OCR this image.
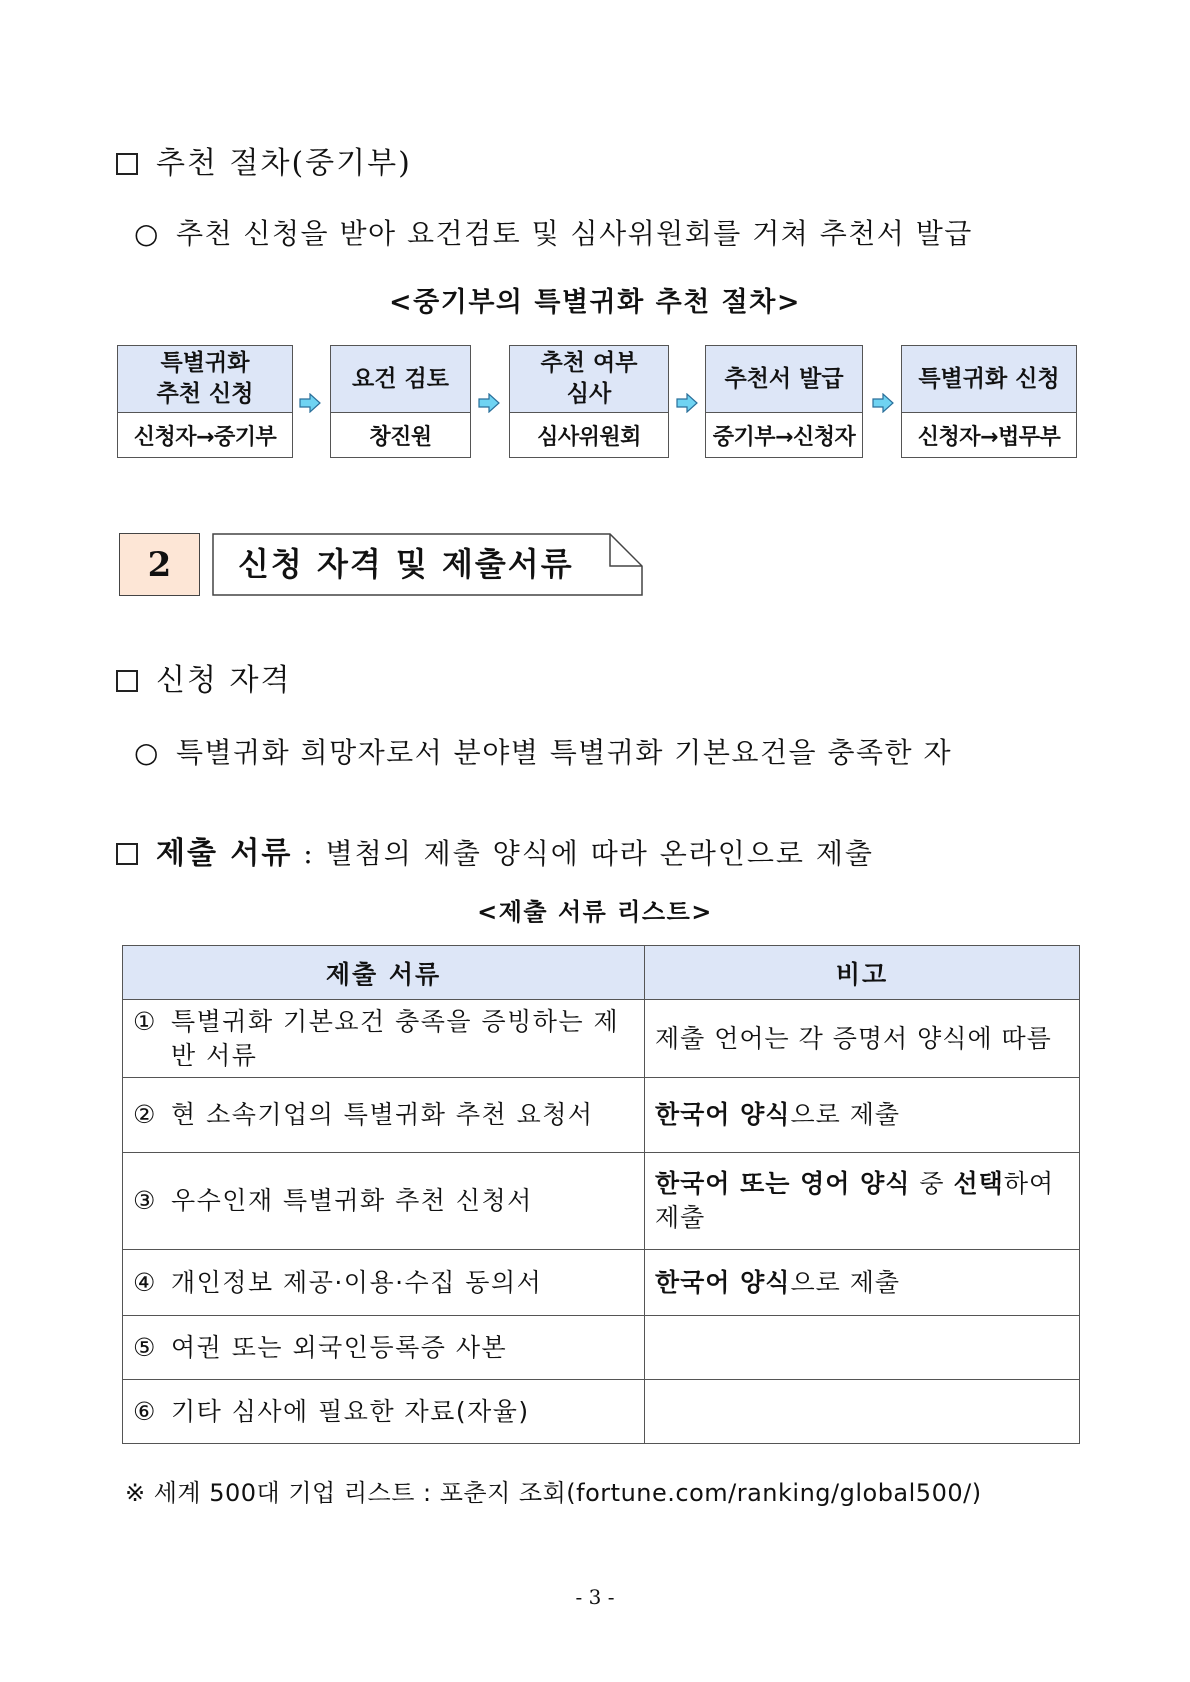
추천 절차(중기부)
○ 추천 신청을 받아 요건검토 및 심사위원회를 거쳐 추천서 발급
<중기부의 특별귀화 추천 절차>
특별귀화
추천 신청
신청자→중기부
요건 검토
창진원
추천 여부
심사
심사위원회
추천서 발급
중기부→신청자
특별귀화 신청
신청자→법무부
2	신청 자격 및 제출서류
신청 자격
○ 특별귀화 희망자로서 분야별 특별귀화 기본요건을 충족한 자
제출 서류 : 별첨의 제출 양식에 따라 온라인으로 제출
<제출 서류 리스트>
제출 서류	비고

① 특별귀화 기본요건 충족을 증빙하는 제반 서류	제출 언어는 각 증명서 양식에 따름

② 현 소속기업의 특별귀화 추천 요청서	한국어 양식으로 제출

③ 우수인재 특별귀화 추천 신청서	한국어 또는 영어 양식 중 선택하여 제출

④ 개인정보 제공·이용·수집 동의서	한국어 양식으로 제출

⑤ 여권 또는 외국인등록증 사본	

⑥ 기타 심사에 필요한 자료(자율)	

※ 세계 500대 기업 리스트 : 포춘지 조회(fortune.com/ranking/global500/)
- 3 -
